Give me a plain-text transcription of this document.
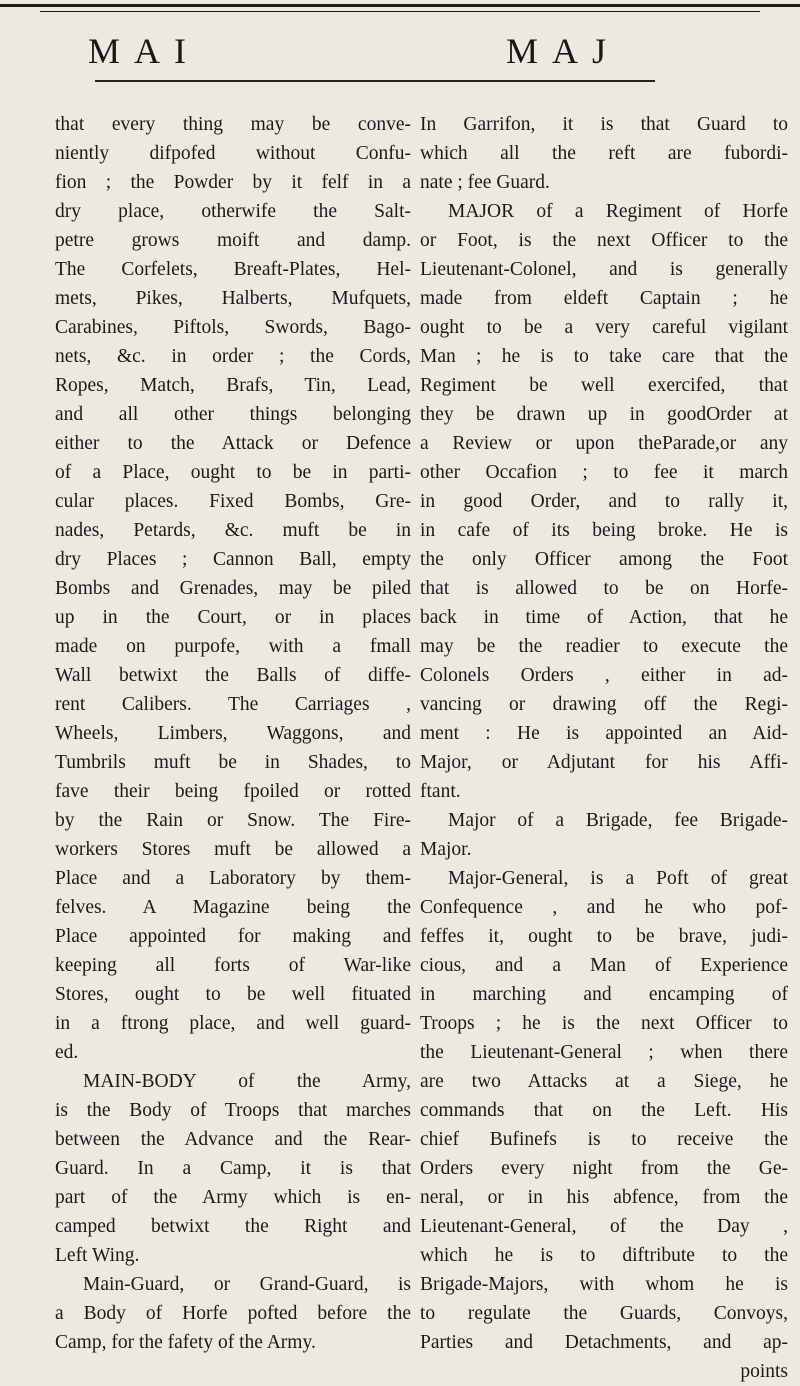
MAI	MAJ
that every thing may be conve-
niently difpofed without Confu-
fion ; the Powder by it felf in a
dry place, otherwife the Salt-
petre grows moift and damp.
The Corfelets, Breaft-Plates, Hel-
mets, Pikes, Halberts, Mufquets,
Carabines, Piftols, Swords, Bago-
nets, &c. in order ; the Cords,
Ropes, Match, Brafs, Tin, Lead,
and all other things belonging
either to the Attack or Defence
of a Place, ought to be in parti-
cular places. Fixed Bombs, Gre-
nades, Petards, &c. muft be in
dry Places ; Cannon Ball, empty
Bombs and Grenades, may be piled
up in the Court, or in places
made on purpofe, with a fmall
Wall betwixt the Balls of diffe-
rent Calibers. The Carriages ,
Wheels, Limbers, Waggons, and
Tumbrils muft be in Shades, to
fave their being fpoiled or rotted
by the Rain or Snow. The Fire-
workers Stores muft be allowed a
Place and a Laboratory by them-
felves. A Magazine being the
Place appointed for making and
keeping all forts of War-like
Stores, ought to be well fituated
in a ftrong place, and well guard-
ed.
MAIN-BODY of the Army,
is the Body of Troops that marches
between the Advance and the Rear-
Guard. In a Camp, it is that
part of the Army which is en-
camped betwixt the Right and
Left Wing.
Main-Guard, or Grand-Guard, is
a Body of Horfe pofted before the
Camp, for the fafety of the Army.
In Garrifon, it is that Guard to
which all the reft are fubordi-
nate ; fee Guard.
MAJOR of a Regiment of Horfe
or Foot, is the next Officer to the
Lieutenant-Colonel, and is generally
made from eldeft Captain ; he
ought to be a very careful vigilant
Man ; he is to take care that the
Regiment be well exercifed, that
they be drawn up in goodOrder at
a Review or upon theParade,or any
other Occafion ; to fee it march
in good Order, and to rally it,
in cafe of its being broke. He is
the only Officer among the Foot
that is allowed to be on Horfe-
back in time of Action, that he
may be the readier to execute the
Colonels Orders , either in ad-
vancing or drawing off the Regi-
ment : He is appointed an Aid-
Major, or Adjutant for his Affi-
ftant.
Major of a Brigade, fee Brigade-
Major.
Major-General, is a Poft of great
Confequence , and he who pof-
feffes it, ought to be brave, judi-
cious, and a Man of Experience
in marching and encamping of
Troops ; he is the next Officer to
the Lieutenant-General ; when there
are two Attacks at a Siege, he
commands that on the Left. His
chief Bufinefs is to receive the
Orders every night from the Ge-
neral, or in his abfence, from the
Lieutenant-General, of the Day ,
which he is to diftribute to the
Brigade-Majors, with whom he is
to regulate the Guards, Convoys,
Parties and Detachments, and ap-
points
